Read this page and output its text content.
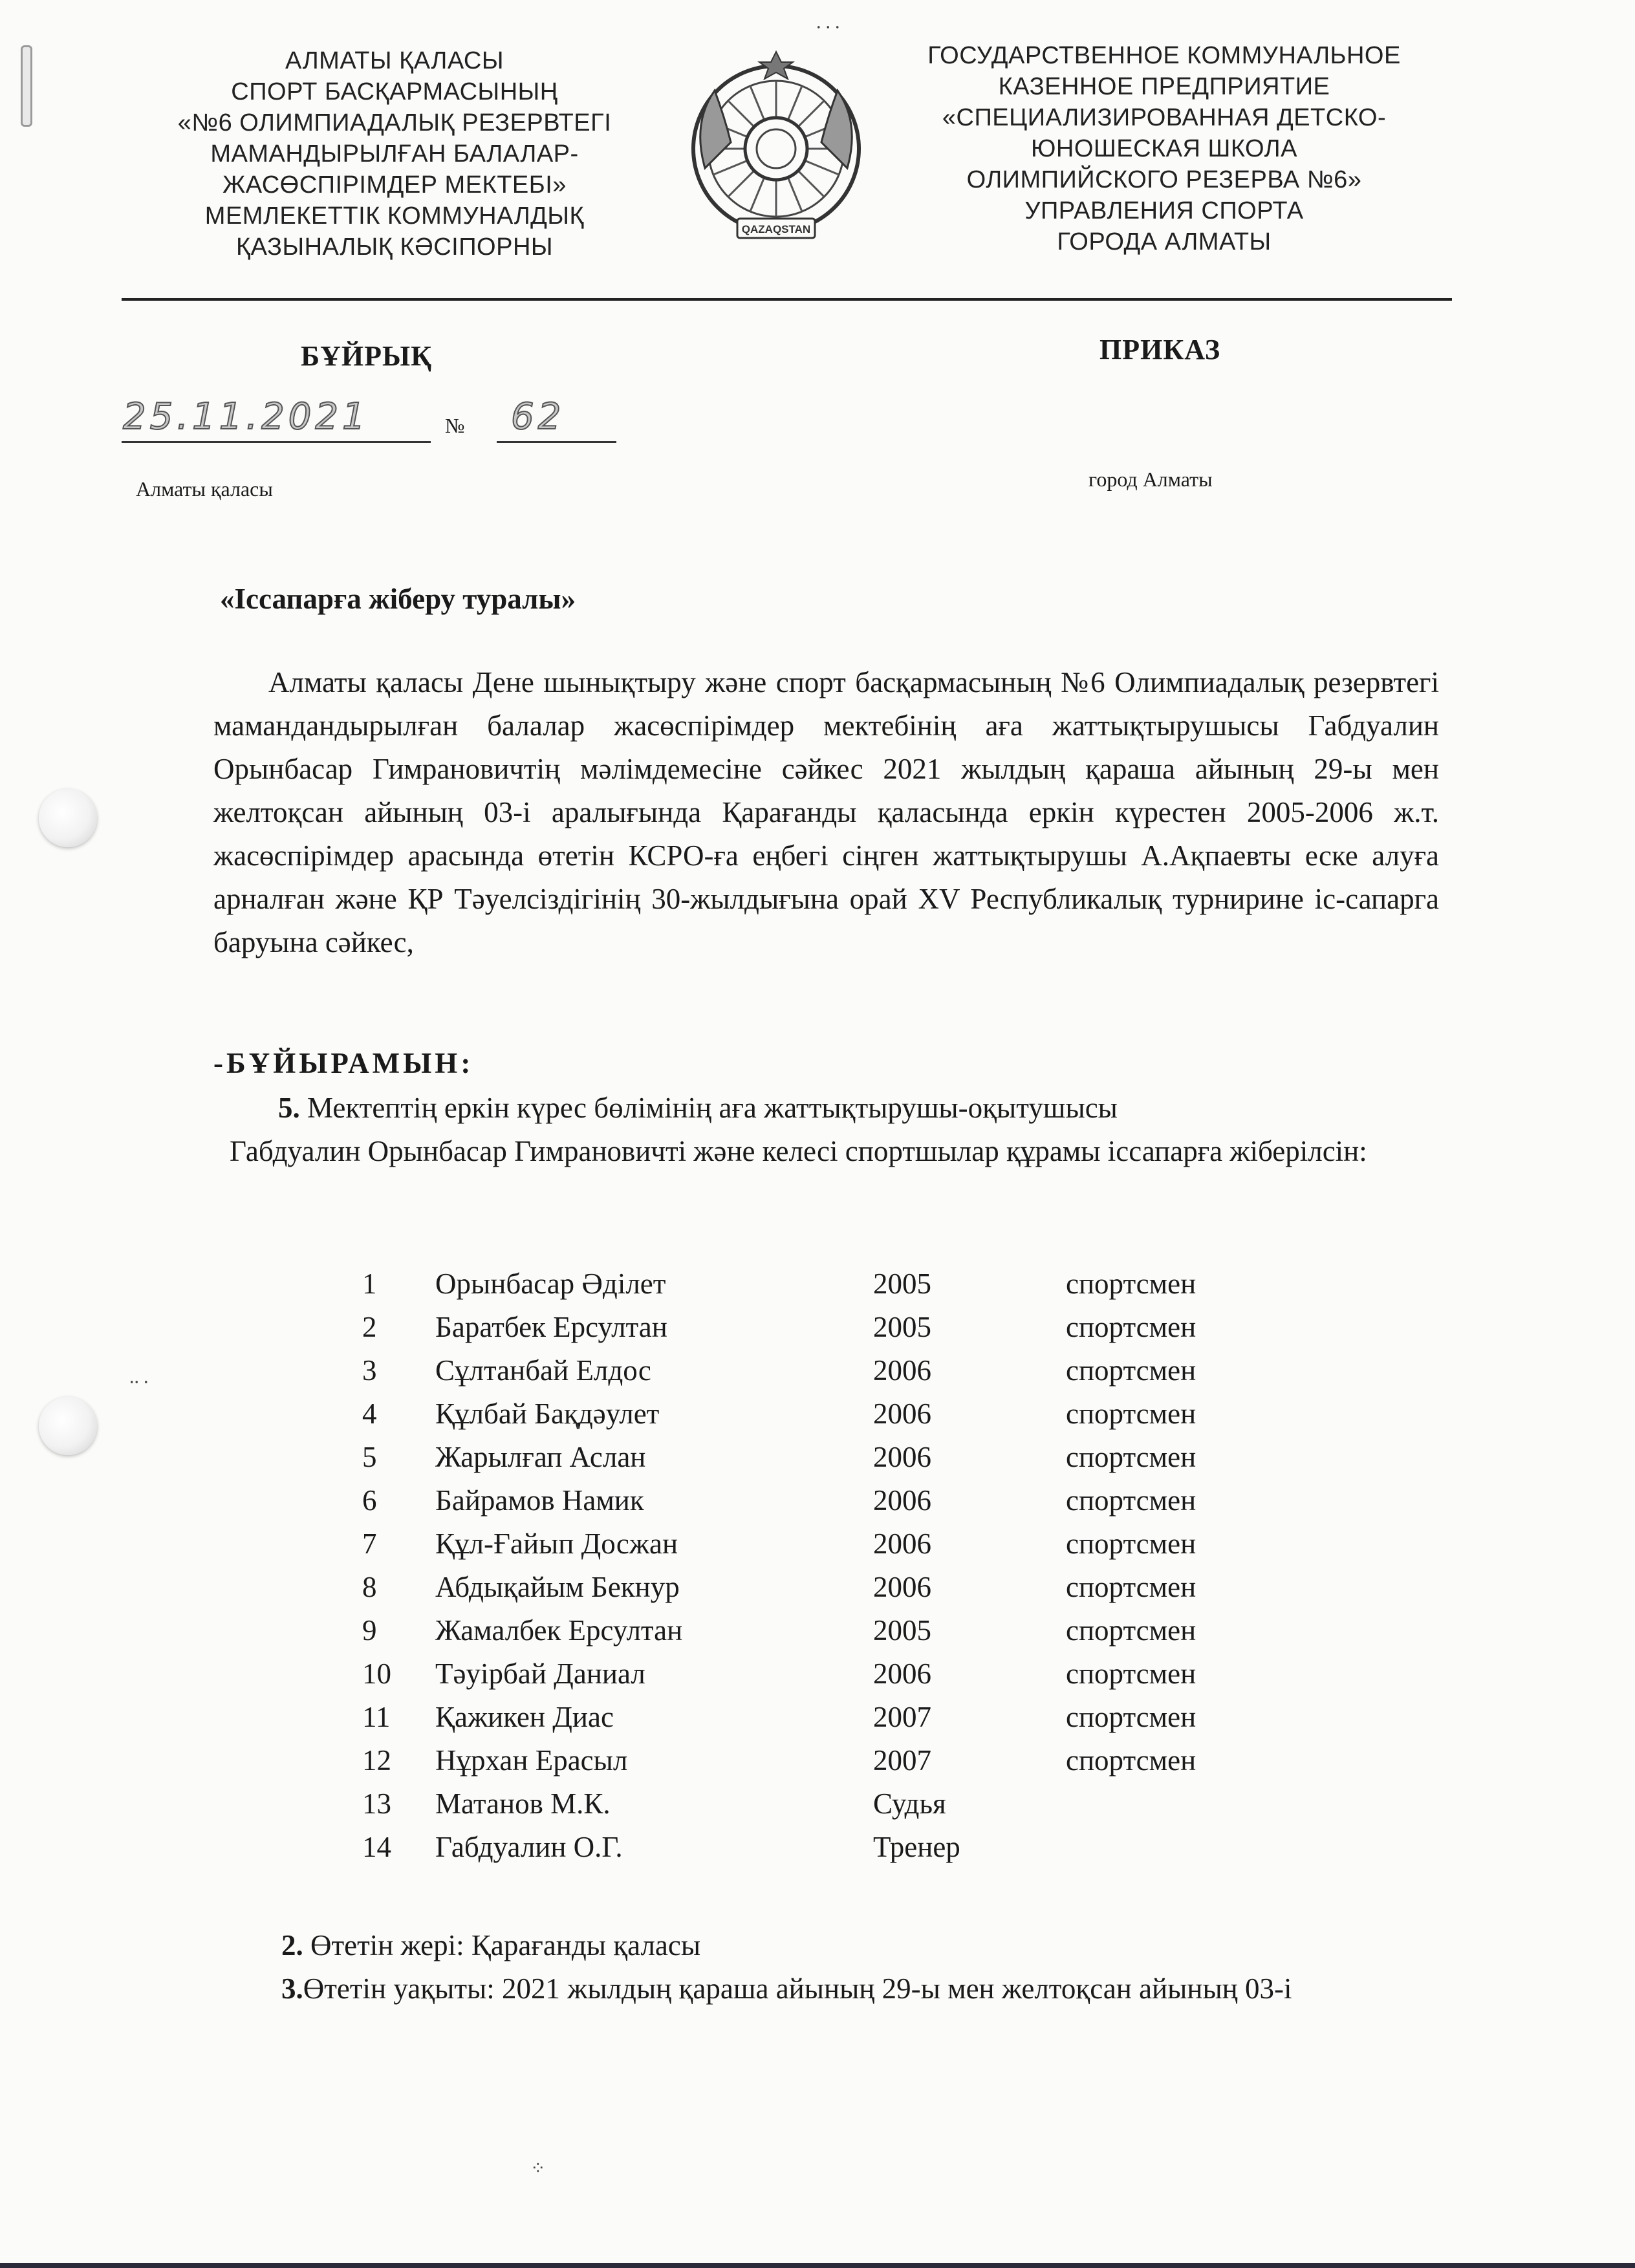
⸱ ⸱ ⸱
⸱⸱ ⸱
⁘
АЛМАТЫ ҚАЛАСЫ
СПОРТ БАСҚАРМАСЫНЫҢ
«№6 ОЛИМПИАДАЛЫҚ РЕЗЕРВТЕГІ
МАМАНДЫРЫЛҒАН БАЛАЛАР-
ЖАСӨСПІРІМДЕР МЕКТЕБІ»
МЕМЛЕКЕТТІК КОММУНАЛДЫҚ
ҚАЗЫНАЛЫҚ КӘСІПОРНЫ
QAZAQSTAN
ГОСУДАРСТВЕННОЕ КОММУНАЛЬНОЕ
КАЗЕННОЕ ПРЕДПРИЯТИЕ
«СПЕЦИАЛИЗИРОВАННАЯ ДЕТСКО-
ЮНОШЕСКАЯ ШКОЛА
ОЛИМПИЙСКОГО РЕЗЕРВА №6»
УПРАВЛЕНИЯ СПОРТА
ГОРОДА АЛМАТЫ
БҰЙРЫҚ	ПРИКАЗ
25.11.2021	№ 62
Алматы қаласы	город Алматы
«Іссапарға жіберу туралы»

Алматы қаласы Дене шынықтыру және спорт басқармасының №6 Олимпиадалық резервтегі мамандандырылған балалар жасөспірімдер мектебінің аға жаттықтырушысы Габдуалин Орынбасар Гимрановичтің мәлімдемесіне сәйкес 2021 жылдың қараша айының 29-ы мен желтоқсан айының 03-і аралығында Қарағанды қаласында еркін күрестен 2005-2006 ж.т. жасөспірімдер арасында өтетін КСРО-ға еңбегі сіңген жаттықтырушы А.Ақпаевты еске алуға арналған және ҚР Тәуелсіздігінің 30-жылдығына орай XV Республикалық турнирине іс-сапарга баруына сәйкес,

-БҰЙЫРАМЫН:
5. Мектептің еркін күрес бөлімінің аға жаттықтырушы-оқытушысы
Габдуалин Орынбасар Гимрановичті және келесі спортшылар құрамы іссапарға жіберілсін:
1 Орынбасар Әділет	2005	спортсмен
2 Баратбек Ерсултан	2005	спортсмен
3 Сұлтанбай Елдос	2006	спортсмен
4 Құлбай Бақдәулет	2006	спортсмен
5 Жарылғап Аслан	2006	спортсмен
6 Байрамов Намик	2006	спортсмен
7 Құл-Ғайып Досжан	2006	спортсмен
8 Абдықайым Бекнур	2006	спортсмен
9 Жамалбек Ерсултан	2005	спортсмен
10 Тәуірбай Даниал	2006	спортсмен
11 Қажикен Диас	2007	спортсмен
12 Нұрхан Ерасыл	2007	спортсмен
13 Матанов М.К.	Судья
14 Габдуалин О.Г.	Тренер
2. Өтетін жері: Қарағанды қаласы
3.Өтетін уақыты: 2021 жылдың қараша айының 29-ы мен желтоқсан айының 03-і
